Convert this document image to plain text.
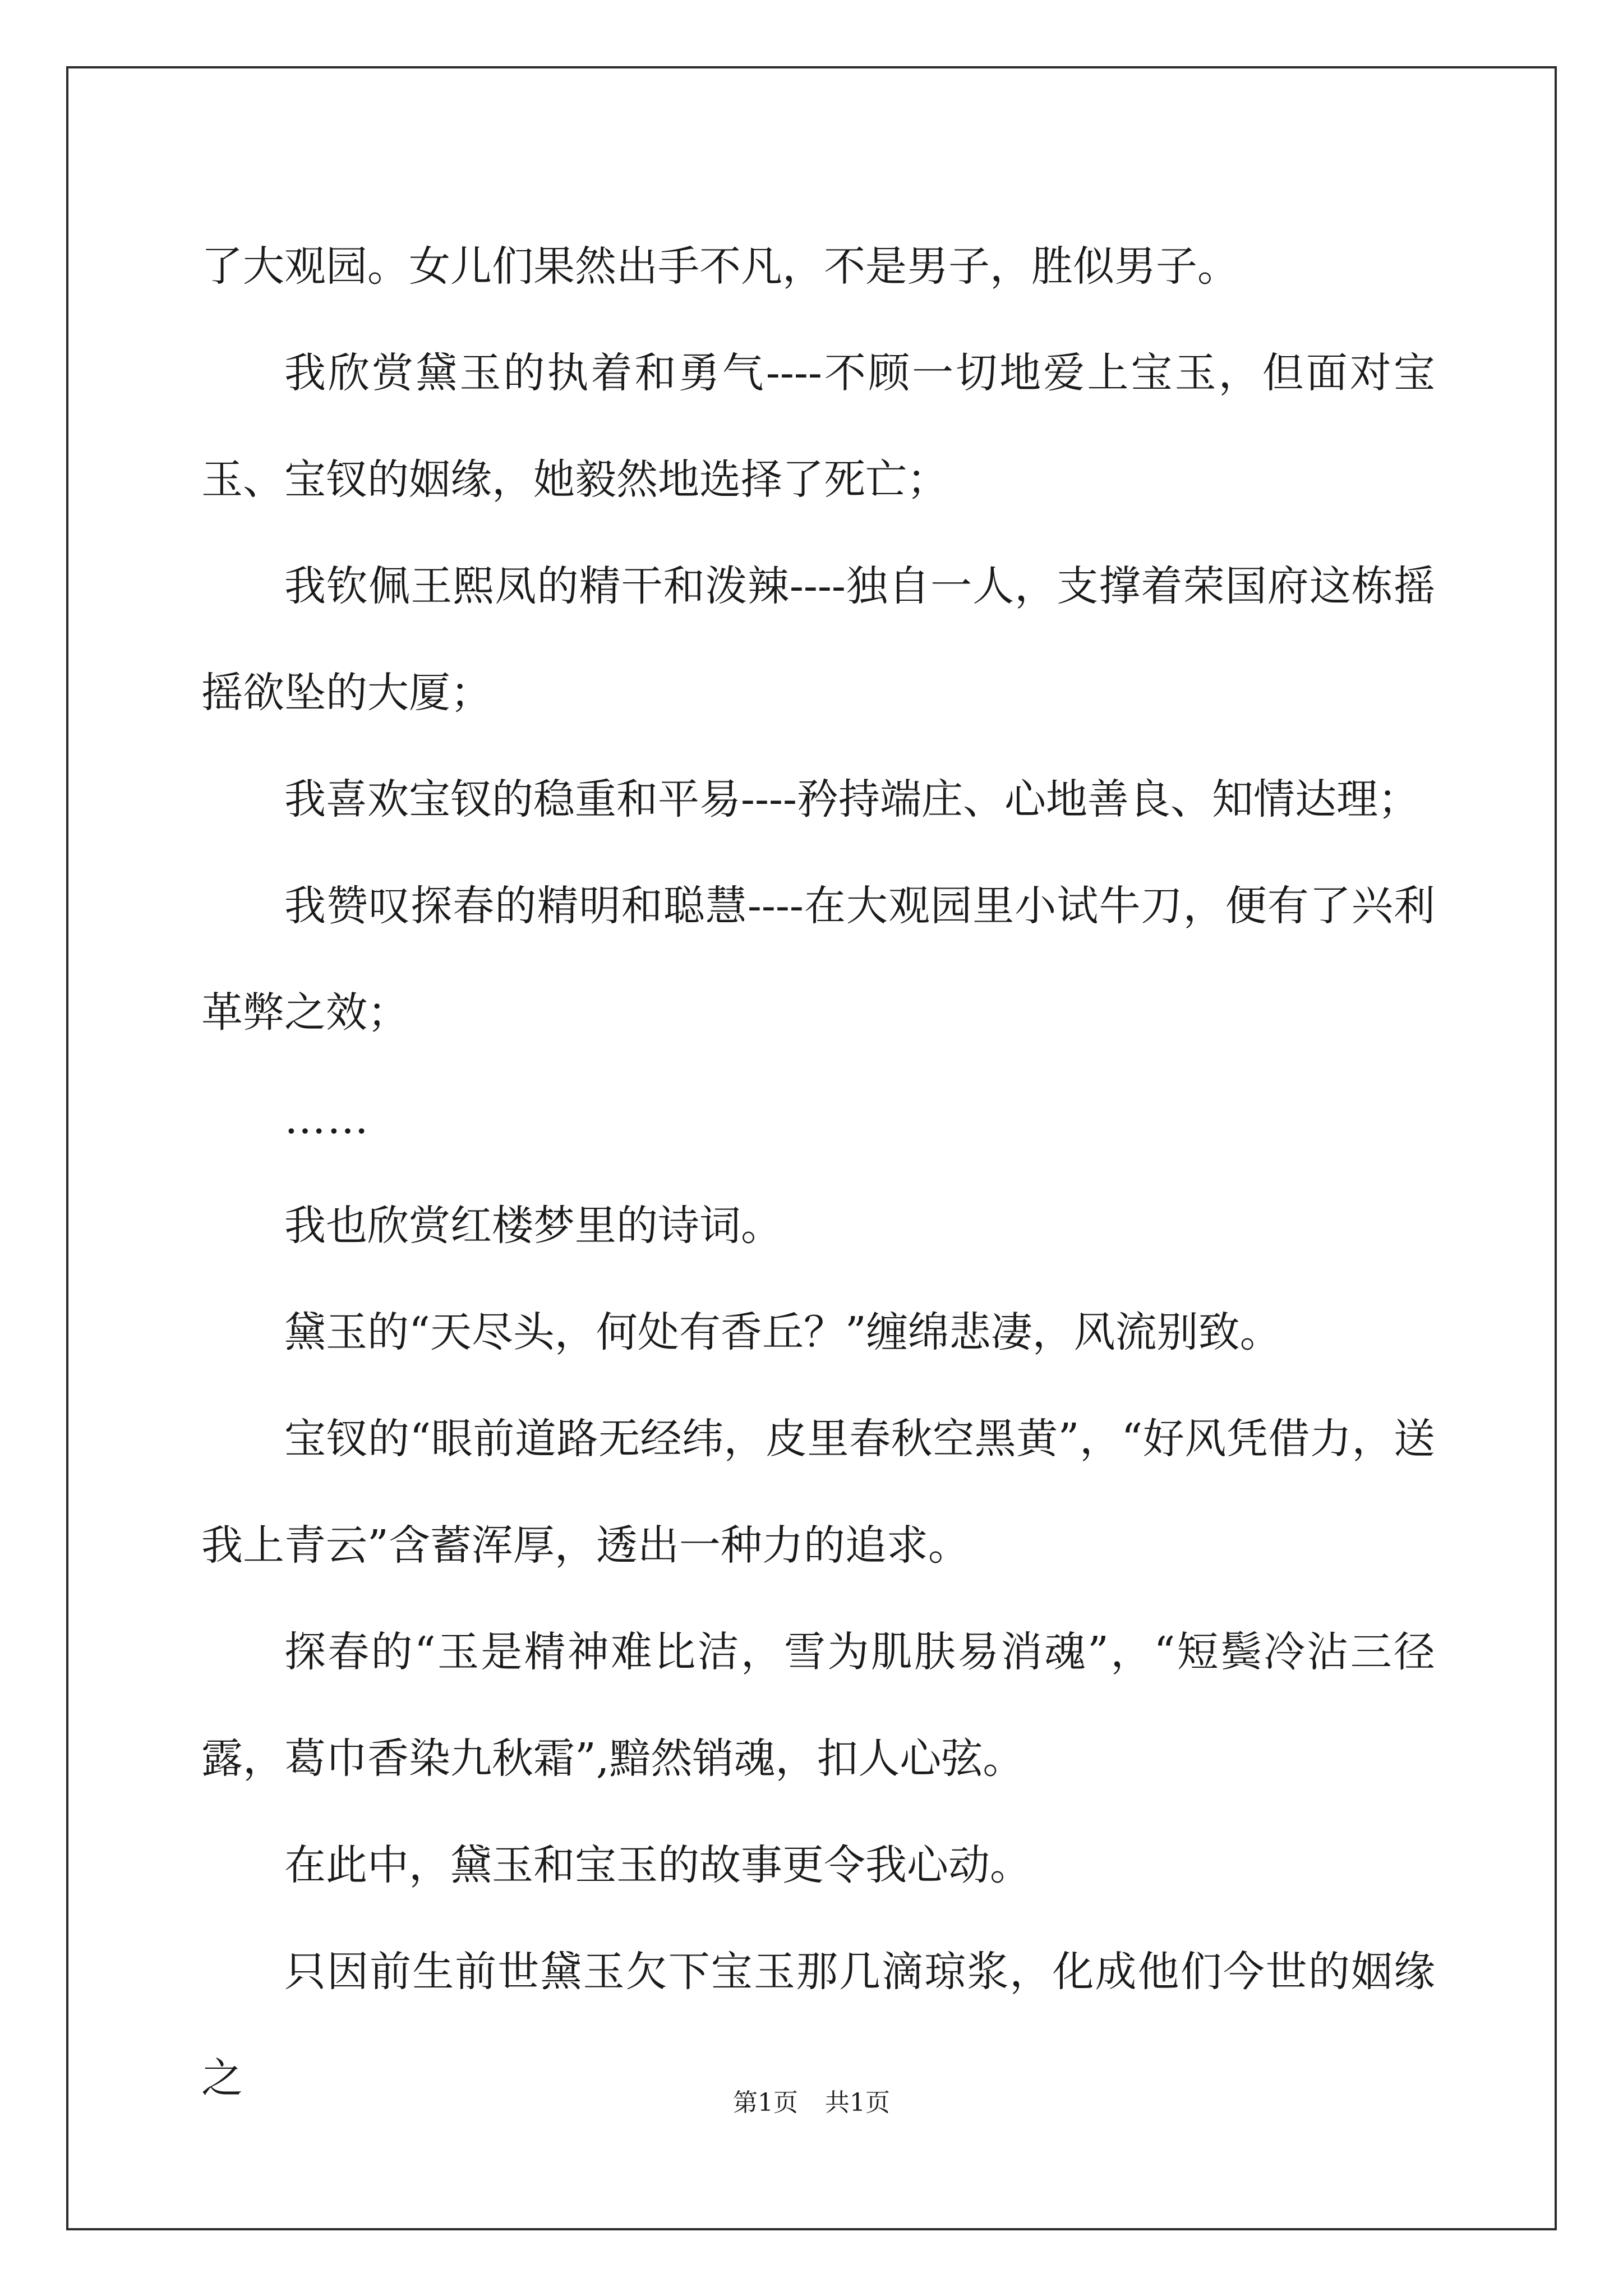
了大观园。女儿们果然出手不凡，不是男子，胜似男子。

我欣赏黛玉的执着和勇气----不顾一切地爱上宝玉，但面对宝玉、宝钗的姻缘，她毅然地选择了死亡；

我钦佩王熙凤的精干和泼辣----独自一人，支撑着荣国府这栋摇摇欲坠的大厦；

我喜欢宝钗的稳重和平易----矜持端庄、心地善良、知情达理；

我赞叹探春的精明和聪慧----在大观园里小试牛刀，便有了兴利革弊之效；

……

我也欣赏红楼梦里的诗词。

黛玉的“天尽头，何处有香丘？”缠绵悲凄，风流别致。

宝钗的“眼前道路无经纬，皮里春秋空黑黄”，“好风凭借力，送我上青云”含蓄浑厚，透出一种力的追求。

探春的“玉是精神难比洁，雪为肌肤易消魂”，“短鬓冷沾三径露，葛巾香染九秋霜”,黯然销魂，扣人心弦。

在此中，黛玉和宝玉的故事更令我心动。

只因前生前世黛玉欠下宝玉那几滴琼浆，化成他们今世的姻缘之

第1页 共1页
